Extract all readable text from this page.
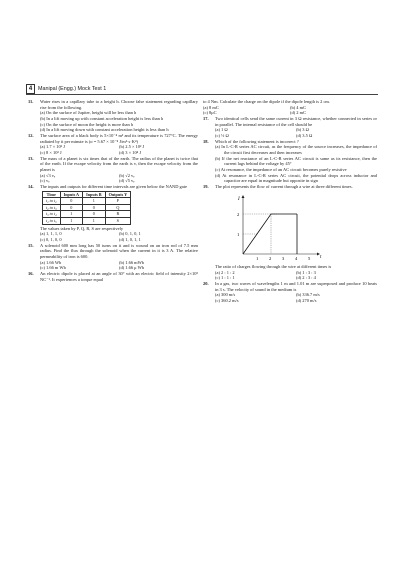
4	Manipal (Engg.) Mock Test 1
11. Water rises in a capillary tube to a height h. Choose false statement regarding capillary rise from the following.
(a) On the surface of Jupiter, height will be less than h
(b) In a lift moving up with constant acceleration height is less than h
(c) On the surface of moon the height is more than h
(d) In a lift moving down with constant acceleration height is less than h
12. The surface area of a black body is 5×10⁻⁴ m² and its temperature is 727°C. The energy radiated by it per minute is (σ = 5.67 × 10⁻⁸ J/m²·s·K⁴)
(a) 1.7 × 10³ J	(b) 2.5 × 10² J
(c) 8 × 10³ J	(d) 3 × 10⁴ J
13. The mass of a planet is six times that of the earth. The radius of the planet is twice that of the earth. If the escape velocity from the earth is v, then the escape velocity from the planet is
(a) √3 vₑ	(b) √2 vₑ
(c) vₑ	(d) √5 vₑ
14. The inputs and outputs for different time intervals are given below the NAND gate
Time	Inputs A	Inputs B	Outputs Y
t₁ to t₂	0	1	P
t₂ to t₃	0	0	Q
t₃ to t₄	1	0	R
t₄ to t₅	1	1	S
The values taken by P, Q, R, S are respectively
(a) 1, 1, 1, 0	(b) 0, 1, 0, 1
(c) 0, 1, 0, 0	(d) 1, 0, 1, 1
15. A solenoid 600 mm long has 50 turns on it and is wound on an iron rod of 7.5 mm radius. Find the flux through the solenoid when the current in it is 3 A. The relative permeability of iron is 600.
(a) 1.66 Wb	(b) 1.66 mWb
(c) 1.66 m Wb	(d) 1.66 μ Wb
16. An electric dipole is placed at an angle of 30° with an electric field of intensity 2×10⁵ NC⁻¹. It experiences a torque equal
to 4 Nm. Calculate the charge on the dipole if the dipole length is 2 cm.
(a) 8 mC	(b) 4 mC
(c) 8μC	(d) 2 mC
17. Two identical cells send the same current in 3 Ω resistance, whether connected in series or in parallel. The internal resistance of the cell should be
(a) 1 Ω	(b) 3 Ω
(c) ½ Ω	(d) 3.5 Ω
18. Which of the following statement is incorrect ?
(a) In L-C-R series AC circuit, as the frequency of the source increases, the impedance of the circuit first decreases and then increases
(b) If the net reactance of an L-C-R series AC circuit is same as its resistance, then the current lags behind the voltage by 45°
(c) At resonance, the impedance of an AC circuit becomes purely resistive
(d) At resonance in L-C-R series AC circuit, the potential drops across inductor and capacitor are equal in magnitude but opposite in sign
19. The plot represents the flow of current through a wire at three different times.
I
t
2
1
1 2 3 4 5
The ratio of charges flowing through the wire at different times is
(a) 2 : 1 : 2	(b) 1 : 3 : 3
(c) 1 : 1 : 1	(d) 2 : 3 : 4
20. In a gas, two waves of wavelengths 1 m and 1.01 m are superposed and produce 10 beats in 3 s. The velocity of sound in the medium is
(a) 300 m/s	(b) 336.7 m/s
(c) 360.2 m/s	(d) 270 m/s
